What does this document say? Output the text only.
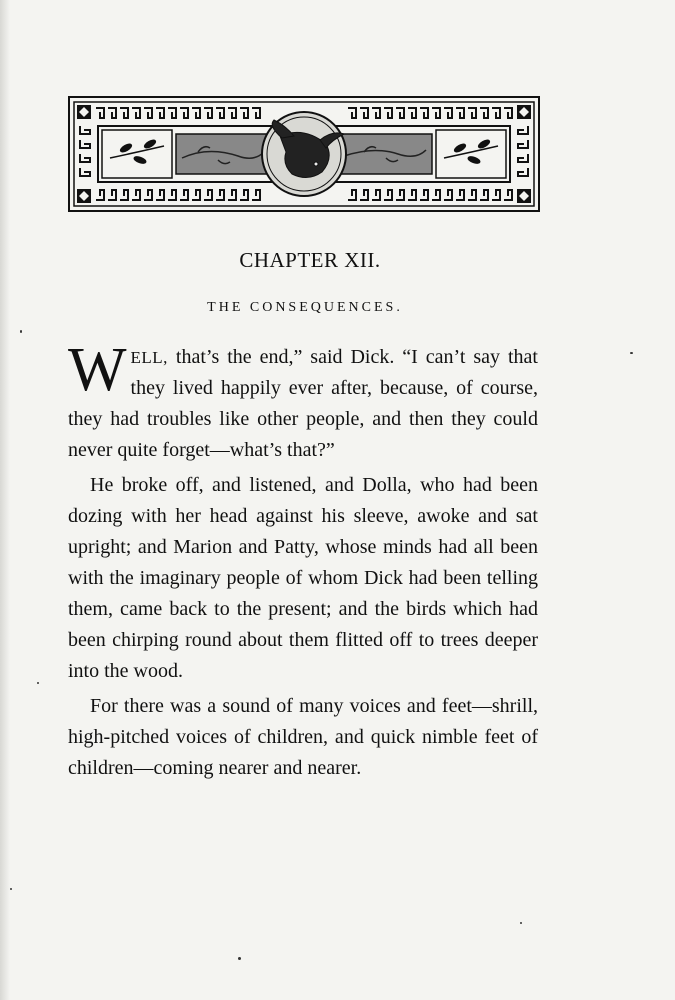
CHAPTER XII.
THE CONSEQUENCES.

WELL, that’s the end,” said Dick. “I can’t say that they lived happily ever after, because, of course, they had troubles like other people, and then they could never quite forget—what’s that?”

He broke off, and listened, and Dolla, who had been dozing with her head against his sleeve, awoke and sat upright; and Marion and Patty, whose minds had all been with the imaginary people of whom Dick had been telling them, came back to the present; and the birds which had been chirping round about them flitted off to trees deeper into the wood.

For there was a sound of many voices and feet—shrill, high-pitched voices of children, and quick nimble feet of children—coming nearer and nearer.
